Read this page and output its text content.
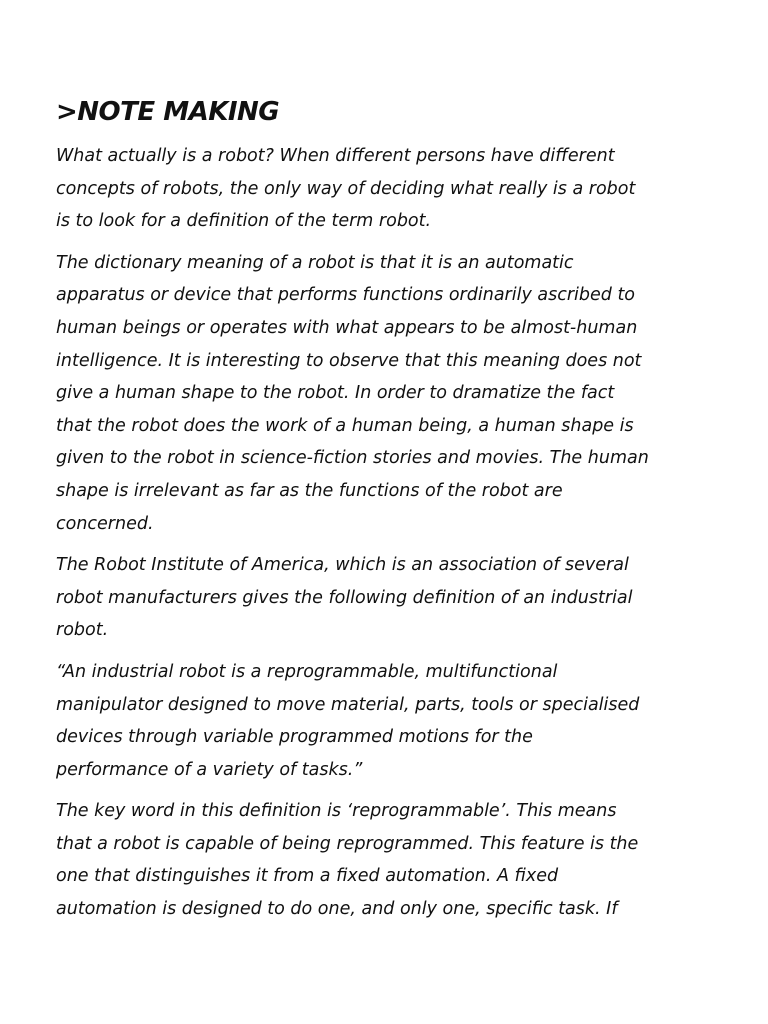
>NOTE MAKING

What actually is a robot? When different persons have different
concepts of robots, the only way of deciding what really is a robot
is to look for a definition of the term robot.

The dictionary meaning of a robot is that it is an automatic
apparatus or device that performs functions ordinarily ascribed to
human beings or operates with what appears to be almost-human
intelligence. It is interesting to observe that this meaning does not
give a human shape to the robot. In order to dramatize the fact
that the robot does the work of a human being, a human shape is
given to the robot in science-fiction stories and movies. The human
shape is irrelevant as far as the functions of the robot are
concerned.

The Robot Institute of America, which is an association of several
robot manufacturers gives the following definition of an industrial
robot.

“An industrial robot is a reprogrammable, multifunctional
manipulator designed to move material, parts, tools or specialised
devices through variable programmed motions for the
performance of a variety of tasks.”

The key word in this definition is ‘reprogrammable’. This means
that a robot is capable of being reprogrammed. This feature is the
one that distinguishes it from a fixed automation. A fixed
automation is designed to do one, and only one, specific task. If
